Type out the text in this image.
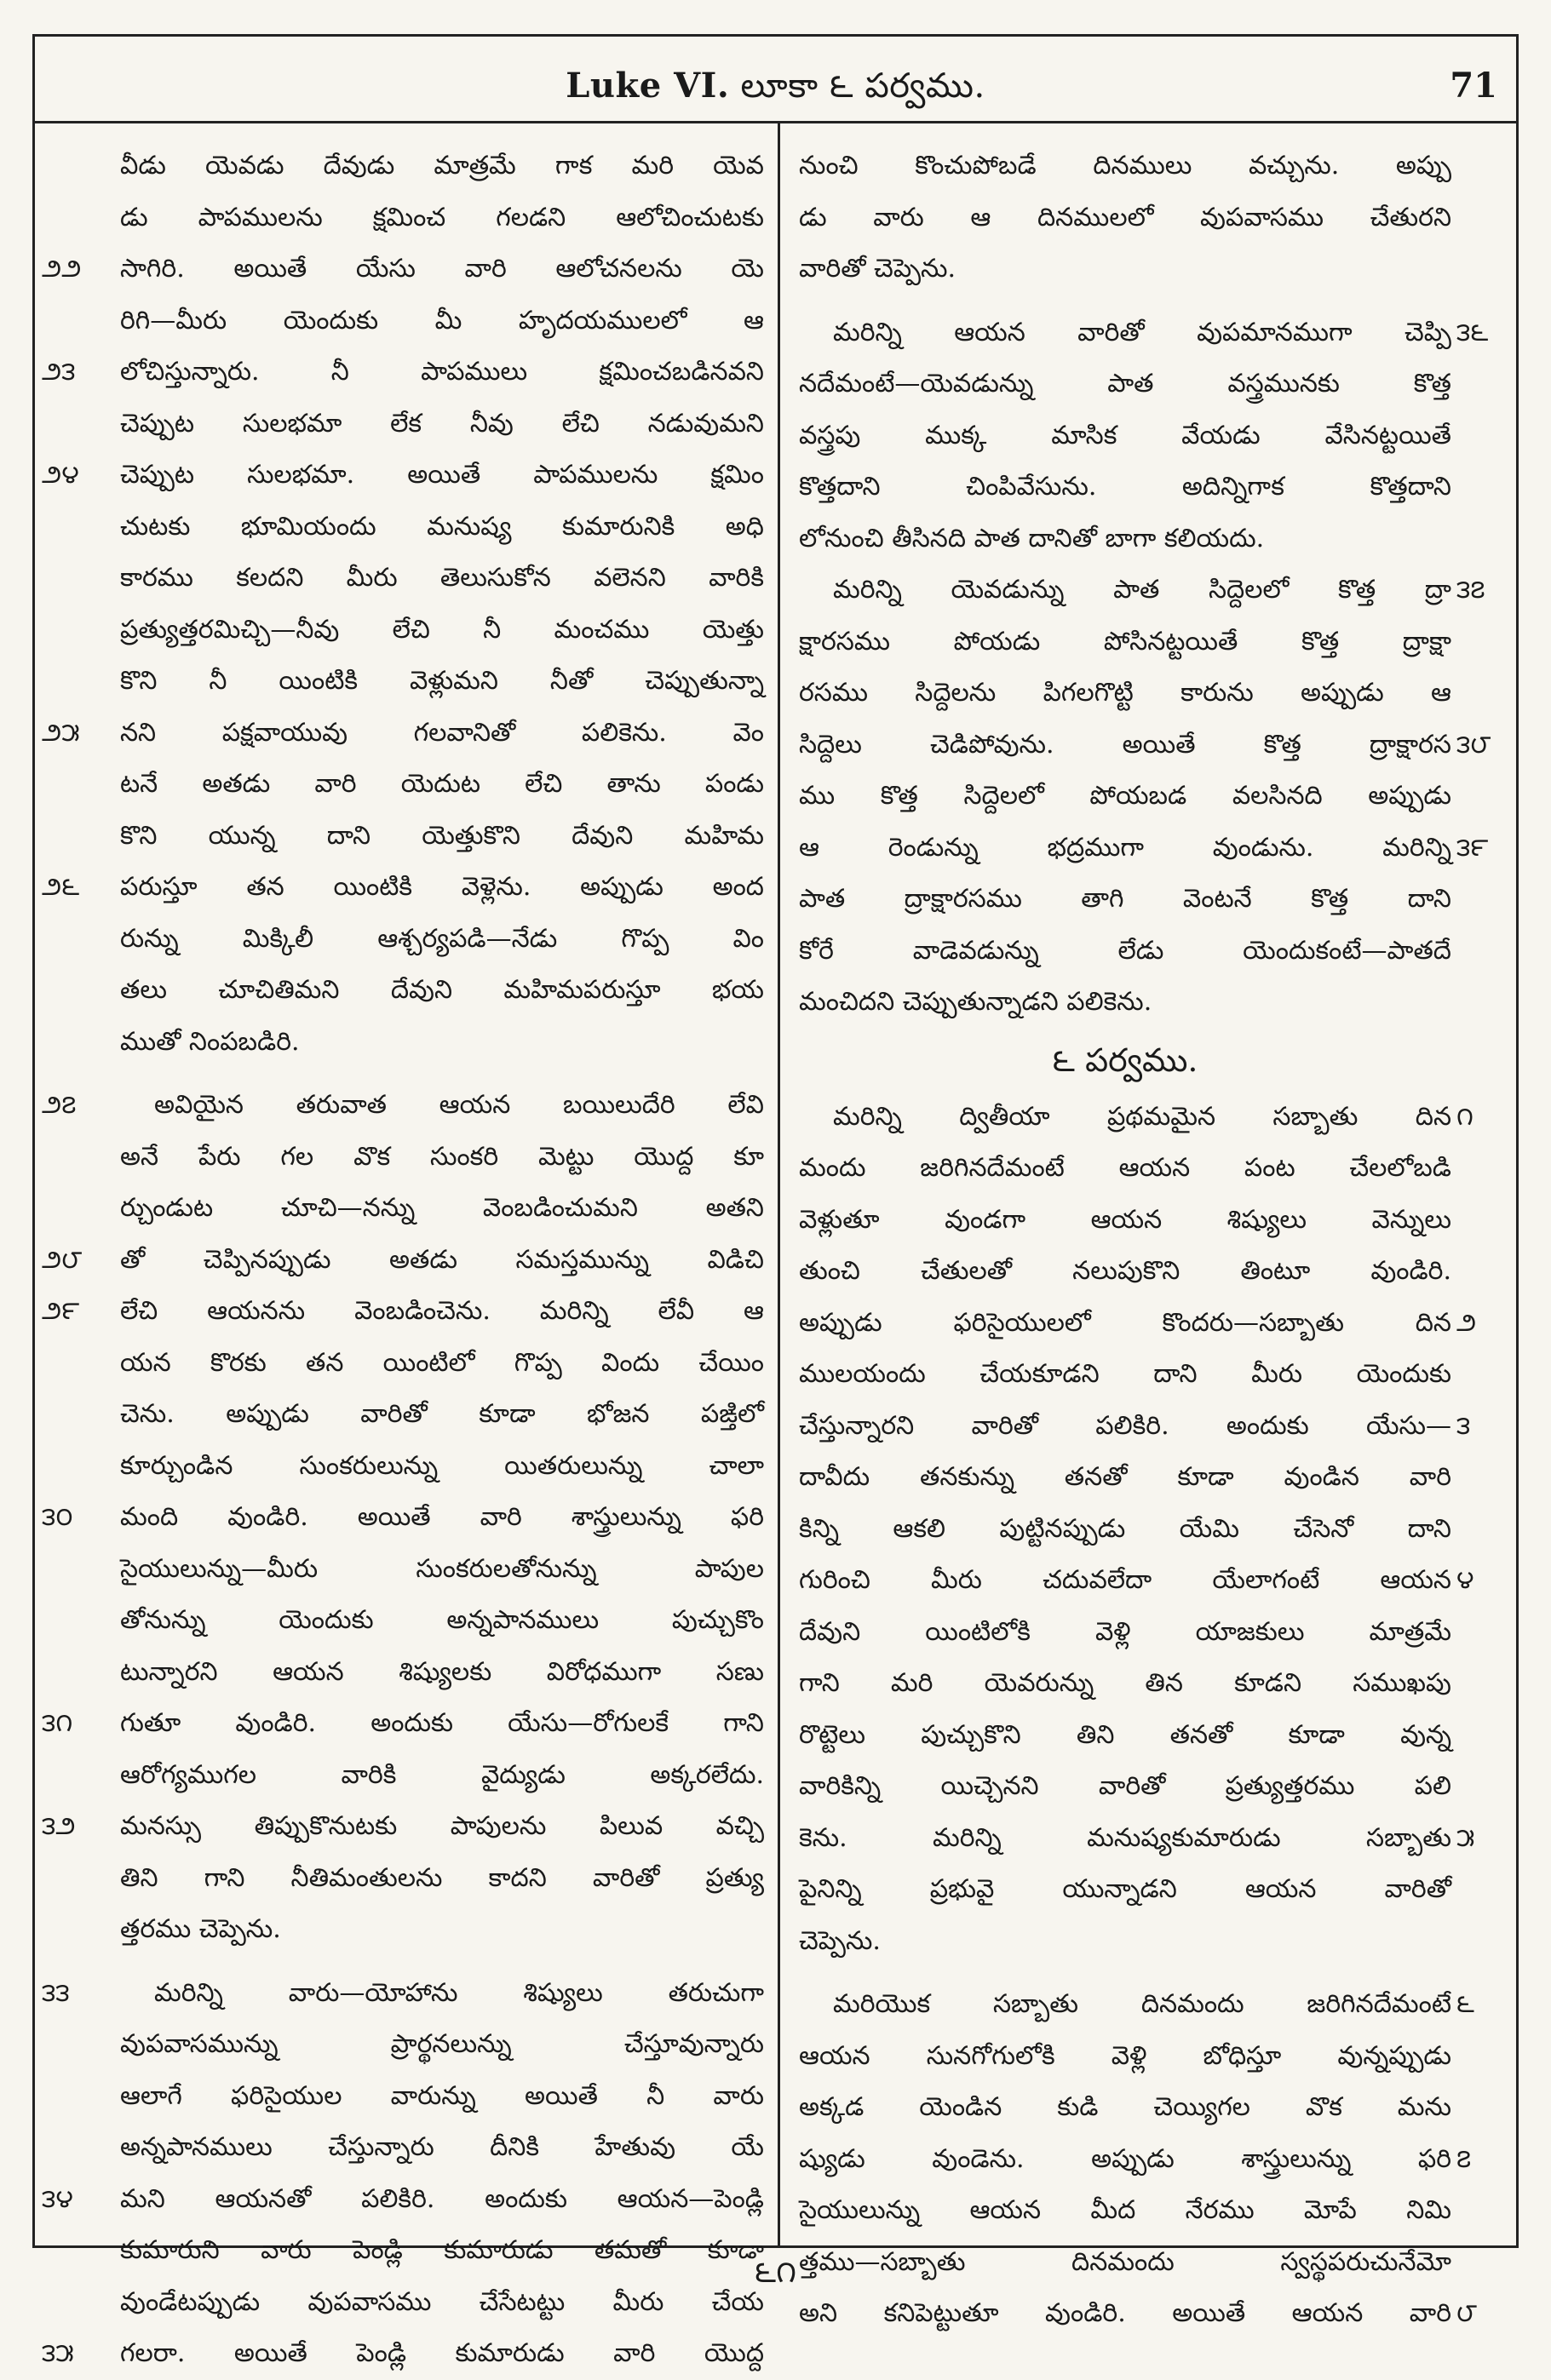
Luke VI. లూకా ౬ పర్వము.	71
వీడు యెవడు దేవుడు మాత్రమే గాక మరి యెవ
డు పాపములను క్షమించ గలడని ఆలోచించుటకు
౨౨	సాగిరి. అయితే యేసు వారి ఆలోచనలను యె
రిగి—మీరు యెందుకు మీ హృదయములలో ఆ
౨౩	లోచిస్తున్నారు. నీ పాపములు క్షమించబడినవని
చెప్పుట సులభమా లేక నీవు లేచి నడువుమని
౨౪	చెప్పుట సులభమా. అయితే పాపములను క్షమిం
చుటకు భూమియందు మనుష్య కుమారునికి అధి
కారము కలదని మీరు తెలుసుకోన వలెనని వారికి
ప్రత్యుత్తరమిచ్చి—నీవు లేచి నీ మంచము యెత్తు
కొని నీ యింటికి వెళ్లుమని నీతో చెప్పుతున్నా
౨౫	నని పక్షవాయువు గలవానితో పలికెను. వెం
టనే అతడు వారి యెదుట లేచి తాను పండు
కొని యున్న దాని యెత్తుకొని దేవుని మహిమ
౨౬	పరుస్తూ తన యింటికి వెళ్లెను. అప్పుడు అంద
రున్ను మిక్కిలీ ఆశ్చర్యపడి—నేడు గొప్ప విం
తలు చూచితిమని దేవుని మహిమపరుస్తూ భయ
ముతో నింపబడిరి.
౨౭	అవియైన తరువాత ఆయన బయిలుదేరి లేవి
అనే పేరు గల వొక సుంకరి మెట్టు యొద్ద కూ
ర్చుండుట చూచి—నన్ను వెంబడించుమని అతని
౨౮	తో చెప్పినప్పుడు అతడు సమస్తమున్ను విడిచి
౨౯	లేచి ఆయనను వెంబడించెను. మరిన్ని లేవీ ఆ
యన కొరకు తన యింటిలో గొప్ప విందు చేయిం
చెను. అప్పుడు వారితో కూడా భోజన పఙ్తిలో
కూర్చుండిన సుంకరులున్ను యితరులున్ను చాలా
౩౦	మంది వుండిరి. అయితే వారి శాస్త్రులున్ను ఫరి
సైయులున్ను—మీరు సుంకరులతోనున్ను పాపుల
తోనున్ను యెందుకు అన్నపానములు పుచ్చుకొం
టున్నారని ఆయన శిష్యులకు విరోధముగా సణు
౩౧	గుతూ వుండిరి. అందుకు యేసు—రోగులకే గాని
ఆరోగ్యముగల వారికి వైద్యుడు అక్కరలేదు.
౩౨	మనస్సు తిప్పుకొనుటకు పాపులను పిలువ వచ్చి
తిని గాని నీతిమంతులను కాదని వారితో ప్రత్యు
త్తరము చెప్పెను.
౩౩	మరిన్ని వారు—యోహాను శిష్యులు తరుచుగా
వుపవాసమున్ను ప్రార్థనలున్ను చేస్తూవున్నారు
ఆలాగే ఫరిసైయుల వారున్ను అయితే నీ వారు
అన్నపానములు చేస్తున్నారు దీనికి హేతువు యే
౩౪	మని ఆయనతో పలికిరి. అందుకు ఆయన—పెండ్లి
కుమారుని వారు పెండ్లి కుమారుడు తమతో కూడా
వుండేటప్పుడు వుపవాసము చేసేటట్టు మీరు చేయ
౩౫	గలరా. అయితే పెండ్లి కుమారుడు వారి యొద్ద
నుంచి కొంచుపోబడే దినములు వచ్చును. అప్పు
డు వారు ఆ దినములలో వుపవాసము చేతురని
వారితో చెప్పెను.
౩౬
మరిన్ని ఆయన వారితో వుపమానముగా చెప్పి
నదేమంటే—యెవడున్ను పాత వస్త్రమునకు కొత్త
వస్త్రపు ముక్క మాసిక వేయడు వేసినట్టయితే
కొత్తదాని చింపివేసును. అదిన్నిగాక కొత్తదాని
లోనుంచి తీసినది పాత దానితో బాగా కలియదు.
౩౭
మరిన్ని యెవడున్ను పాత సిద్దెలలో కొత్త ద్రా
క్షారసము పోయడు పోసినట్టయితే కొత్త ద్రాక్షా
రసము సిద్దెలను పిగలగొట్టి కారును అప్పుడు ఆ
౩౮
సిద్దెలు చెడిపోవును. అయితే కొత్త ద్రాక్షారస
ము కొత్త సిద్దెలలో పోయబడ వలసినది అప్పుడు
౩౯
ఆ రెండున్ను భద్రముగా వుండును. మరిన్ని
పాత ద్రాక్షారసము తాగి వెంటనే కొత్త దాని
కోరే వాడెవడున్ను లేడు యెందుకంటే—పాతదే
మంచిదని చెప్పుతున్నాడని పలికెను.
౬ పర్వము.
౧
మరిన్ని ద్వితీయా ప్రథమమైన సబ్బాతు దిన
మందు జరిగినదేమంటే ఆయన పంట చేలలోబడి
వెళ్లుతూ వుండగా ఆయన శిష్యులు వెన్నులు
తుంచి చేతులతో నలుపుకొని తింటూ వుండిరి.
౨
అప్పుడు ఫరిసైయులలో కొందరు—సబ్బాతు దిన
ములయందు చేయకూడని దాని మీరు యెందుకు
౩
చేస్తున్నారని వారితో పలికిరి. అందుకు యేసు—
దావీదు తనకున్ను తనతో కూడా వుండిన వారి
కిన్ని ఆకలి పుట్టినప్పుడు యేమి చేసెనో దాని
౪
గురించి మీరు చదువలేదా యేలాగంటే ఆయన
దేవుని యింటిలోకి వెళ్లి యాజకులు మాత్రమే
గాని మరి యెవరున్ను తిన కూడని సముఖపు
రొట్టెలు పుచ్చుకొని తిని తనతో కూడా వున్న
వారికిన్ని యిచ్చెనని వారితో ప్రత్యుత్తరము పలి
౫
కెను. మరిన్ని మనుష్యకుమారుడు సబ్బాతు
పైనిన్ని ప్రభువై యున్నాడని ఆయన వారితో
చెప్పెను.
౬
మరియొక సబ్బాతు దినమందు జరిగినదేమంటే
ఆయన సునగోగులోకి వెళ్లి బోధిస్తూ వున్నప్పుడు
అక్కడ యెండిన కుడి చెయ్యిగల వొక మను
౭
ష్యుడు వుండెను. అప్పుడు శాస్త్రులున్ను ఫరి
సైయులున్ను ఆయన మీద నేరము మోపే నిమి
త్తము—సబ్బాతు దినమందు స్వస్థపరుచునేమో
౮
అని కనిపెట్టుతూ వుండిరి. అయితే ఆయన వారి
౬౧
